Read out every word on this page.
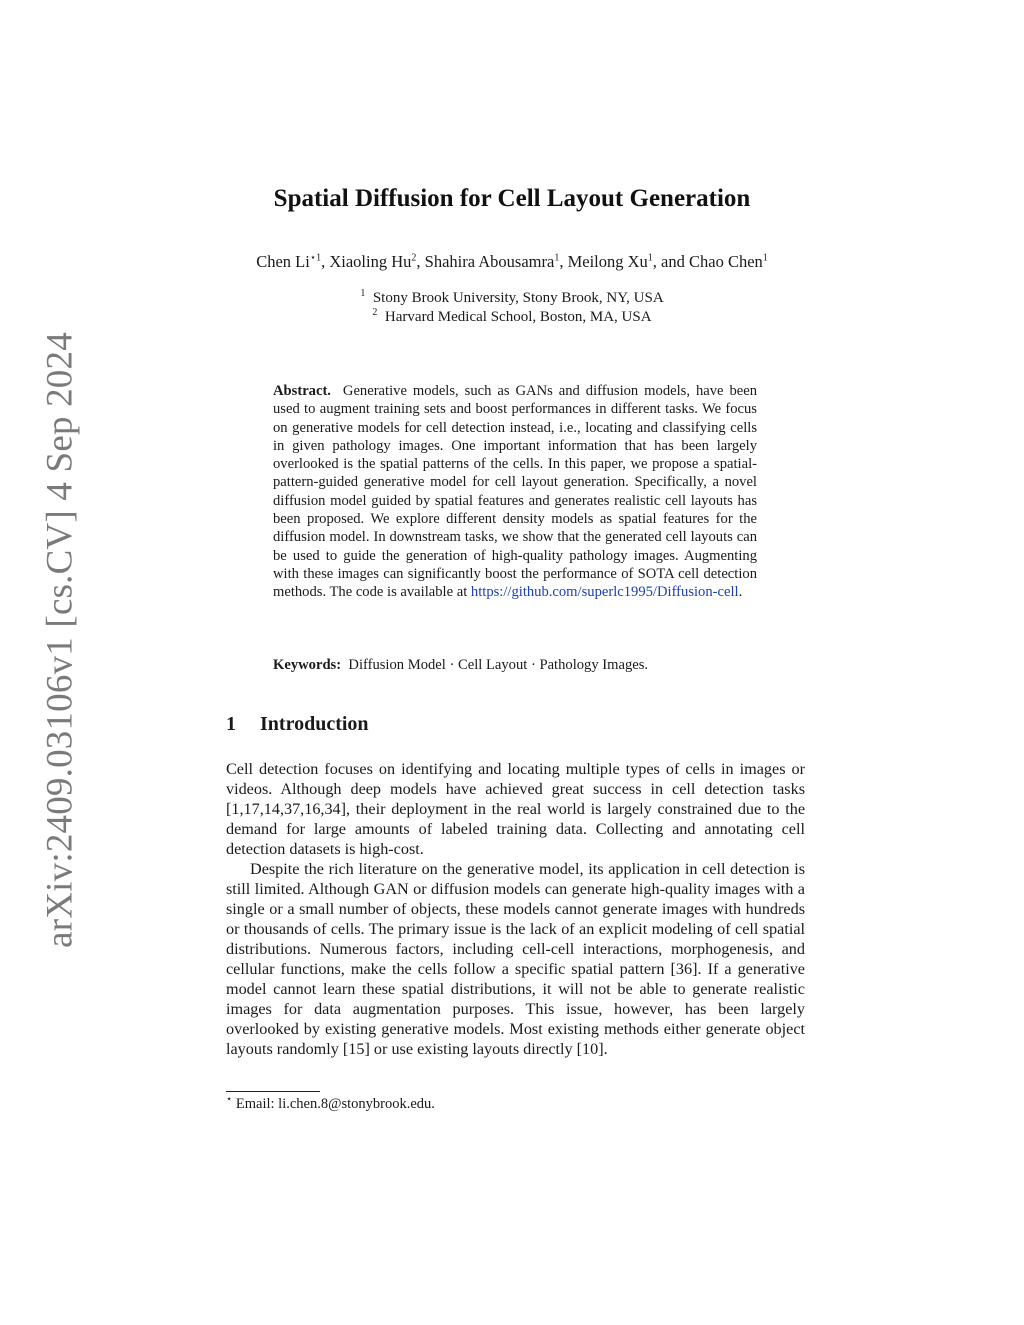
arXiv:2409.03106v1 [cs.CV] 4 Sep 2024
Spatial Diffusion for Cell Layout Generation
Chen $Li^{⋆1}$, Xiaoling Hu$^2$, Shahira Abousamra$^1$, Meilong Xu$^1$, and Chao Chen$^1$
$^1$ Stony Brook University, Stony Brook, NY, USA
$^2$ Harvard Medical School, Boston, MA, USA
Abstract. Generative models, such as GANs and diffusion models, have been used to augment training sets and boost performances in different tasks. We focus on generative models for cell detection instead, i.e., locating and classifying cells in given pathology images. One important information that has been largely overlooked is the spatial patterns of the cells. In this paper, we propose a spatial-pattern-guided generative model for cell layout generation. Specifically, a novel diffusion model guided by spatial features and generates realistic cell layouts has been proposed. We explore different density models as spatial features for the diffusion model. In downstream tasks, we show that the generated cell layouts can be used to guide the generation of high-quality pathology images. Augmenting with these images can significantly boost the performance of SOTA cell detection methods. The code is available at https://github.com/superlc1995/Diffusion-cell.
Keywords: Diffusion Model · Cell Layout · Pathology Images.
1 Introduction

Cell detection focuses on identifying and locating multiple types of cells in images or videos. Although deep models have achieved great success in cell detection tasks [1,17,14,37,16,34], their deployment in the real world is largely constrained due to the demand for large amounts of labeled training data. Collecting and annotating cell detection datasets is high-cost.

Despite the rich literature on the generative model, its application in cell detection is still limited. Although GAN or diffusion models can generate high-quality images with a single or a small number of objects, these models cannot generate images with hundreds or thousands of cells. The primary issue is the lack of an explicit modeling of cell spatial distributions. Numerous factors, including cell-cell interactions, morphogenesis, and cellular functions, make the cells follow a specific spatial pattern [36]. If a generative model cannot learn these spatial distributions, it will not be able to generate realistic images for data augmentation purposes. This issue, however, has been largely overlooked by existing generative models. Most existing methods either generate object layouts randomly [15] or use existing layouts directly [10].

⋆ Email: li.chen.8@stonybrook.edu.
